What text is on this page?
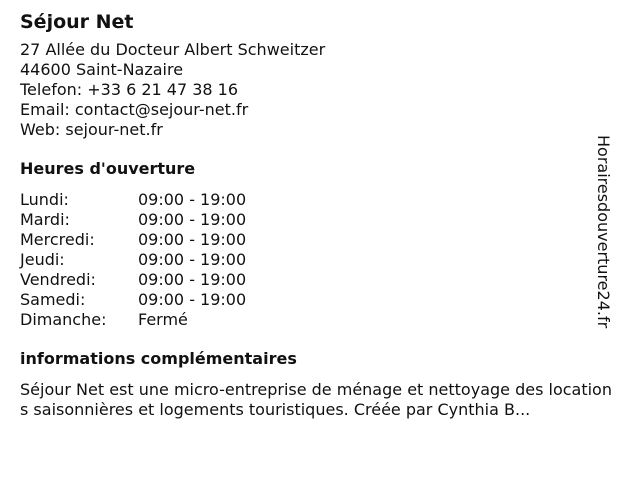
Séjour Net
27 Allée du Docteur Albert Schweitzer
44600 Saint-Nazaire
Telefon: +33 6 21 47 38 16
Email: contact@sejour-net.fr
Web: sejour-net.fr
Heures d'ouverture
Lundi:	09:00 - 19:00
Mardi:	09:00 - 19:00
Mercredi:	09:00 - 19:00
Jeudi:	09:00 - 19:00
Vendredi:	09:00 - 19:00
Samedi:	09:00 - 19:00
Dimanche:	Fermé
informations complémentaires
Séjour Net est une micro-entreprise de ménage et nettoyage des locations saisonnières et logements touristiques. Créée par Cynthia B...
Horairesdouverture24.fr
